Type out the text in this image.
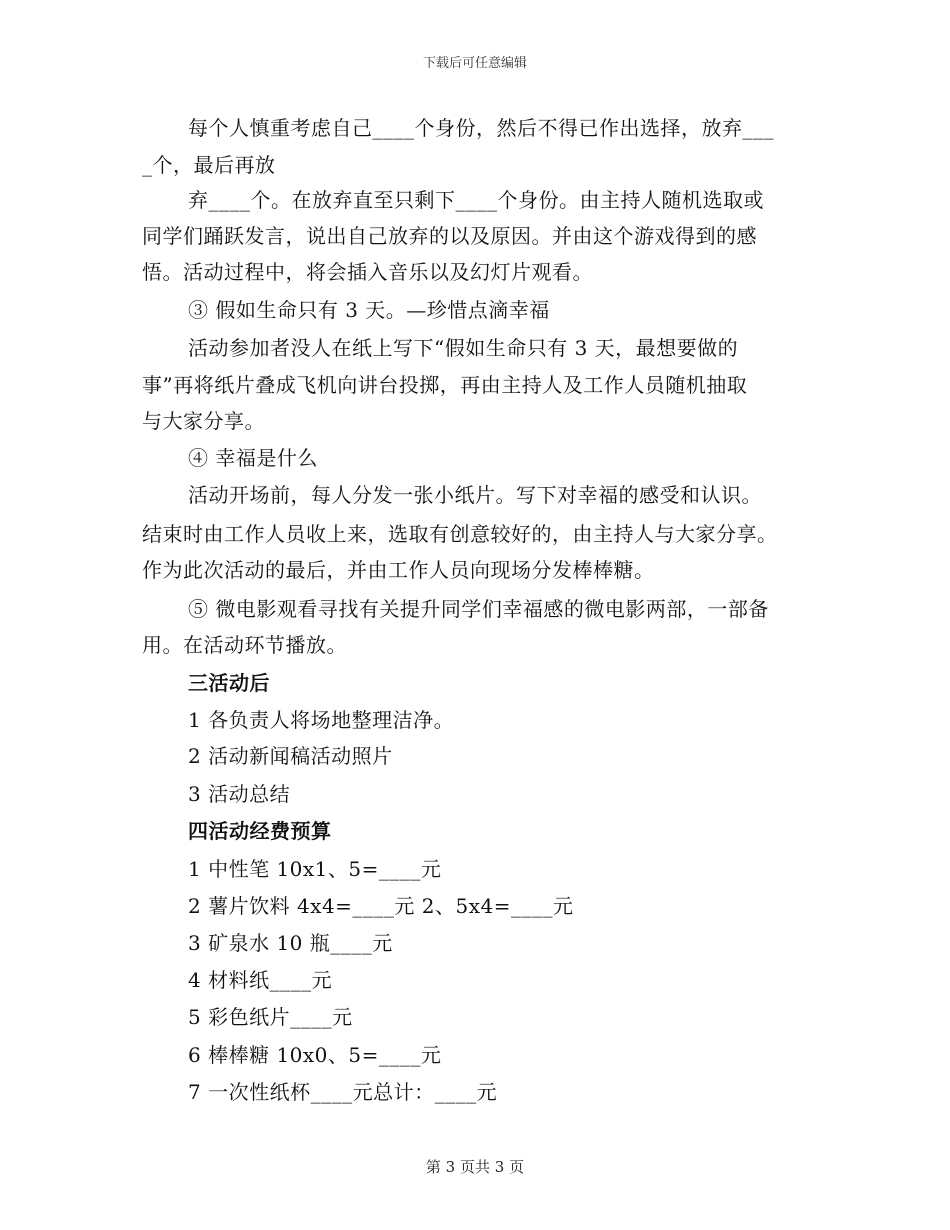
下载后可任意编辑
每个人慎重考虑自己____个身份，然后不得已作出选择，放弃___
_个，最后再放
弃____个。在放弃直至只剩下____个身份。由主持人随机选取或
同学们踊跃发言，说出自己放弃的以及原因。并由这个游戏得到的感
悟。活动过程中，将会插入音乐以及幻灯片观看。
③ 假如生命只有 3 天。—珍惜点滴幸福
活动参加者没人在纸上写下“假如生命只有 3 天，最想要做的
事”再将纸片叠成飞机向讲台投掷，再由主持人及工作人员随机抽取
与大家分享。
④ 幸福是什么
活动开场前，每人分发一张小纸片。写下对幸福的感受和认识。
结束时由工作人员收上来，选取有创意较好的，由主持人与大家分享。
作为此次活动的最后，并由工作人员向现场分发棒棒糖。
⑤ 微电影观看寻找有关提升同学们幸福感的微电影两部，一部备
用。在活动环节播放。
三活动后
1 各负责人将场地整理洁净。
2 活动新闻稿活动照片
3 活动总结
四活动经费预算
1 中性笔 10x1、5=____元
2 薯片饮料 4x4=____元 2、5x4=____元
3 矿泉水 10 瓶____元
4 材料纸____元
5 彩色纸片____元
6 棒棒糖 10x0、5=____元
7 一次性纸杯____元总计：____元
第 3 页共 3 页
